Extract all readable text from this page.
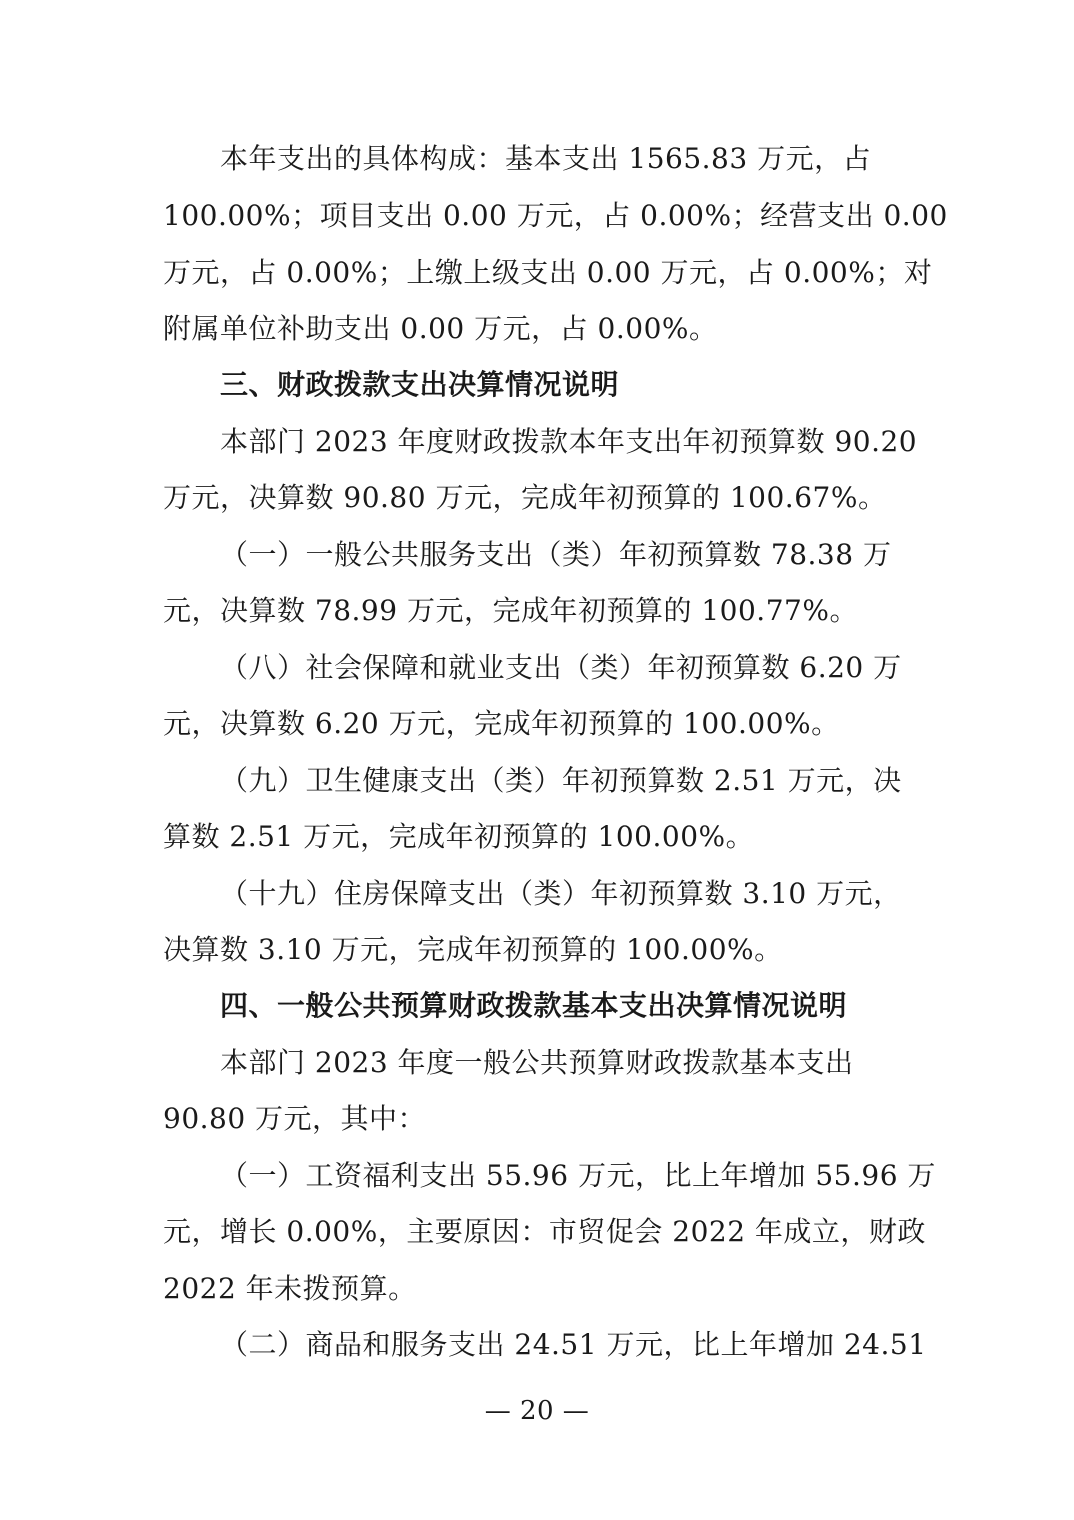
本年支出的具体构成：基本支出 1565.83 万元，占
100.00%；项目支出 0.00 万元，占 0.00%；经营支出 0.00
万元，占 0.00%；上缴上级支出 0.00 万元，占 0.00%；对
附属单位补助支出 0.00 万元，占 0.00%。
三、财政拨款支出决算情况说明
本部门 2023 年度财政拨款本年支出年初预算数 90.20
万元，决算数 90.80 万元，完成年初预算的 100.67%。
（一）一般公共服务支出（类）年初预算数 78.38 万
元，决算数 78.99 万元，完成年初预算的 100.77%。
（八）社会保障和就业支出（类）年初预算数 6.20 万
元，决算数 6.20 万元，完成年初预算的 100.00%。
（九）卫生健康支出（类）年初预算数 2.51 万元，决
算数 2.51 万元，完成年初预算的 100.00%。
（十九）住房保障支出（类）年初预算数 3.10 万元，
决算数 3.10 万元，完成年初预算的 100.00%。
四、一般公共预算财政拨款基本支出决算情况说明
本部门 2023 年度一般公共预算财政拨款基本支出
90.80 万元，其中：
（一）工资福利支出 55.96 万元，比上年增加 55.96 万
元，增长 0.00%，主要原因：市贸促会 2022 年成立，财政
2022 年未拨预算。
（二）商品和服务支出 24.51 万元，比上年增加 24.51
— 20 —
